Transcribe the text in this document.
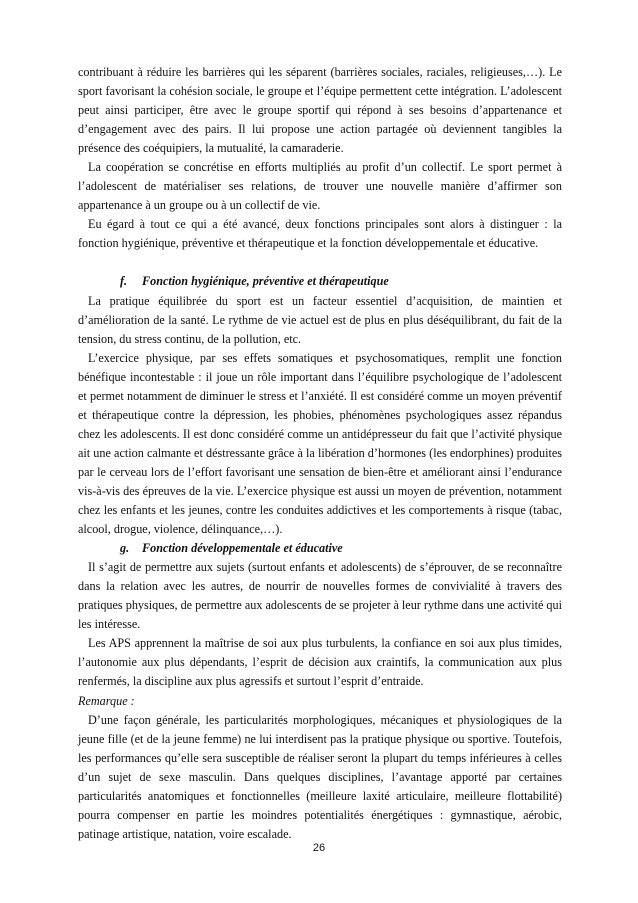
contribuant à réduire les barrières qui les séparent (barrières sociales, raciales, religieuses,…). Le sport favorisant la cohésion sociale, le groupe et l’équipe permettent cette intégration. L’adolescent peut ainsi participer, être avec le groupe sportif qui répond à ses besoins d’appartenance et d’engagement avec des pairs. Il lui propose une action partagée où deviennent tangibles la présence des coéquipiers, la mutualité, la camaraderie.

La coopération se concrétise en efforts multipliés au profit d’un collectif. Le sport permet à l’adolescent de matérialiser ses relations, de trouver une nouvelle manière d’affirmer son appartenance à un groupe ou à un collectif de vie.

Eu égard à tout ce qui a été avancé, deux fonctions principales sont alors à distinguer : la fonction hygiénique, préventive et thérapeutique et la fonction développementale et éducative.

f. Fonction hygiénique, préventive et thérapeutique

La pratique équilibrée du sport est un facteur essentiel d’acquisition, de maintien et d’amélioration de la santé. Le rythme de vie actuel est de plus en plus déséquilibrant, du fait de la tension, du stress continu, de la pollution, etc.

L’exercice physique, par ses effets somatiques et psychosomatiques, remplit une fonction bénéfique incontestable : il joue un rôle important dans l’équilibre psychologique de l’adolescent et permet notamment de diminuer le stress et l’anxiété. Il est considéré comme un moyen préventif et thérapeutique contre la dépression, les phobies, phénomènes psychologiques assez répandus chez les adolescents. Il est donc considéré comme un antidépresseur du fait que l’activité physique ait une action calmante et déstressante grâce à la libération d’hormones (les endorphines) produites par le cerveau lors de l’effort favorisant une sensation de bien-être et améliorant ainsi l’endurance vis-à-vis des épreuves de la vie. L’exercice physique est aussi un moyen de prévention, notamment chez les enfants et les jeunes, contre les conduites addictives et les comportements à risque (tabac, alcool, drogue, violence, délinquance,…).

g. Fonction développementale et éducative

Il s’agit de permettre aux sujets (surtout enfants et adolescents) de s’éprouver, de se reconnaître dans la relation avec les autres, de nourrir de nouvelles formes de convivialité à travers des pratiques physiques, de permettre aux adolescents de se projeter à leur rythme dans une activité qui les intéresse.

Les APS apprennent la maîtrise de soi aux plus turbulents, la confiance en soi aux plus timides, l’autonomie aux plus dépendants, l’esprit de décision aux craintifs, la communication aux plus renfermés, la discipline aux plus agressifs et surtout l’esprit d’entraide.

Remarque :

D’une façon générale, les particularités morphologiques, mécaniques et physiologiques de la jeune fille (et de la jeune femme) ne lui interdisent pas la pratique physique ou sportive. Toutefois, les performances qu’elle sera susceptible de réaliser seront la plupart du temps inférieures à celles d’un sujet de sexe masculin. Dans quelques disciplines, l’avantage apporté par certaines particularités anatomiques et fonctionnelles (meilleure laxité articulaire, meilleure flottabilité) pourra compenser en partie les moindres potentialités énergétiques : gymnastique, aérobic, patinage artistique, natation, voire escalade.

26
